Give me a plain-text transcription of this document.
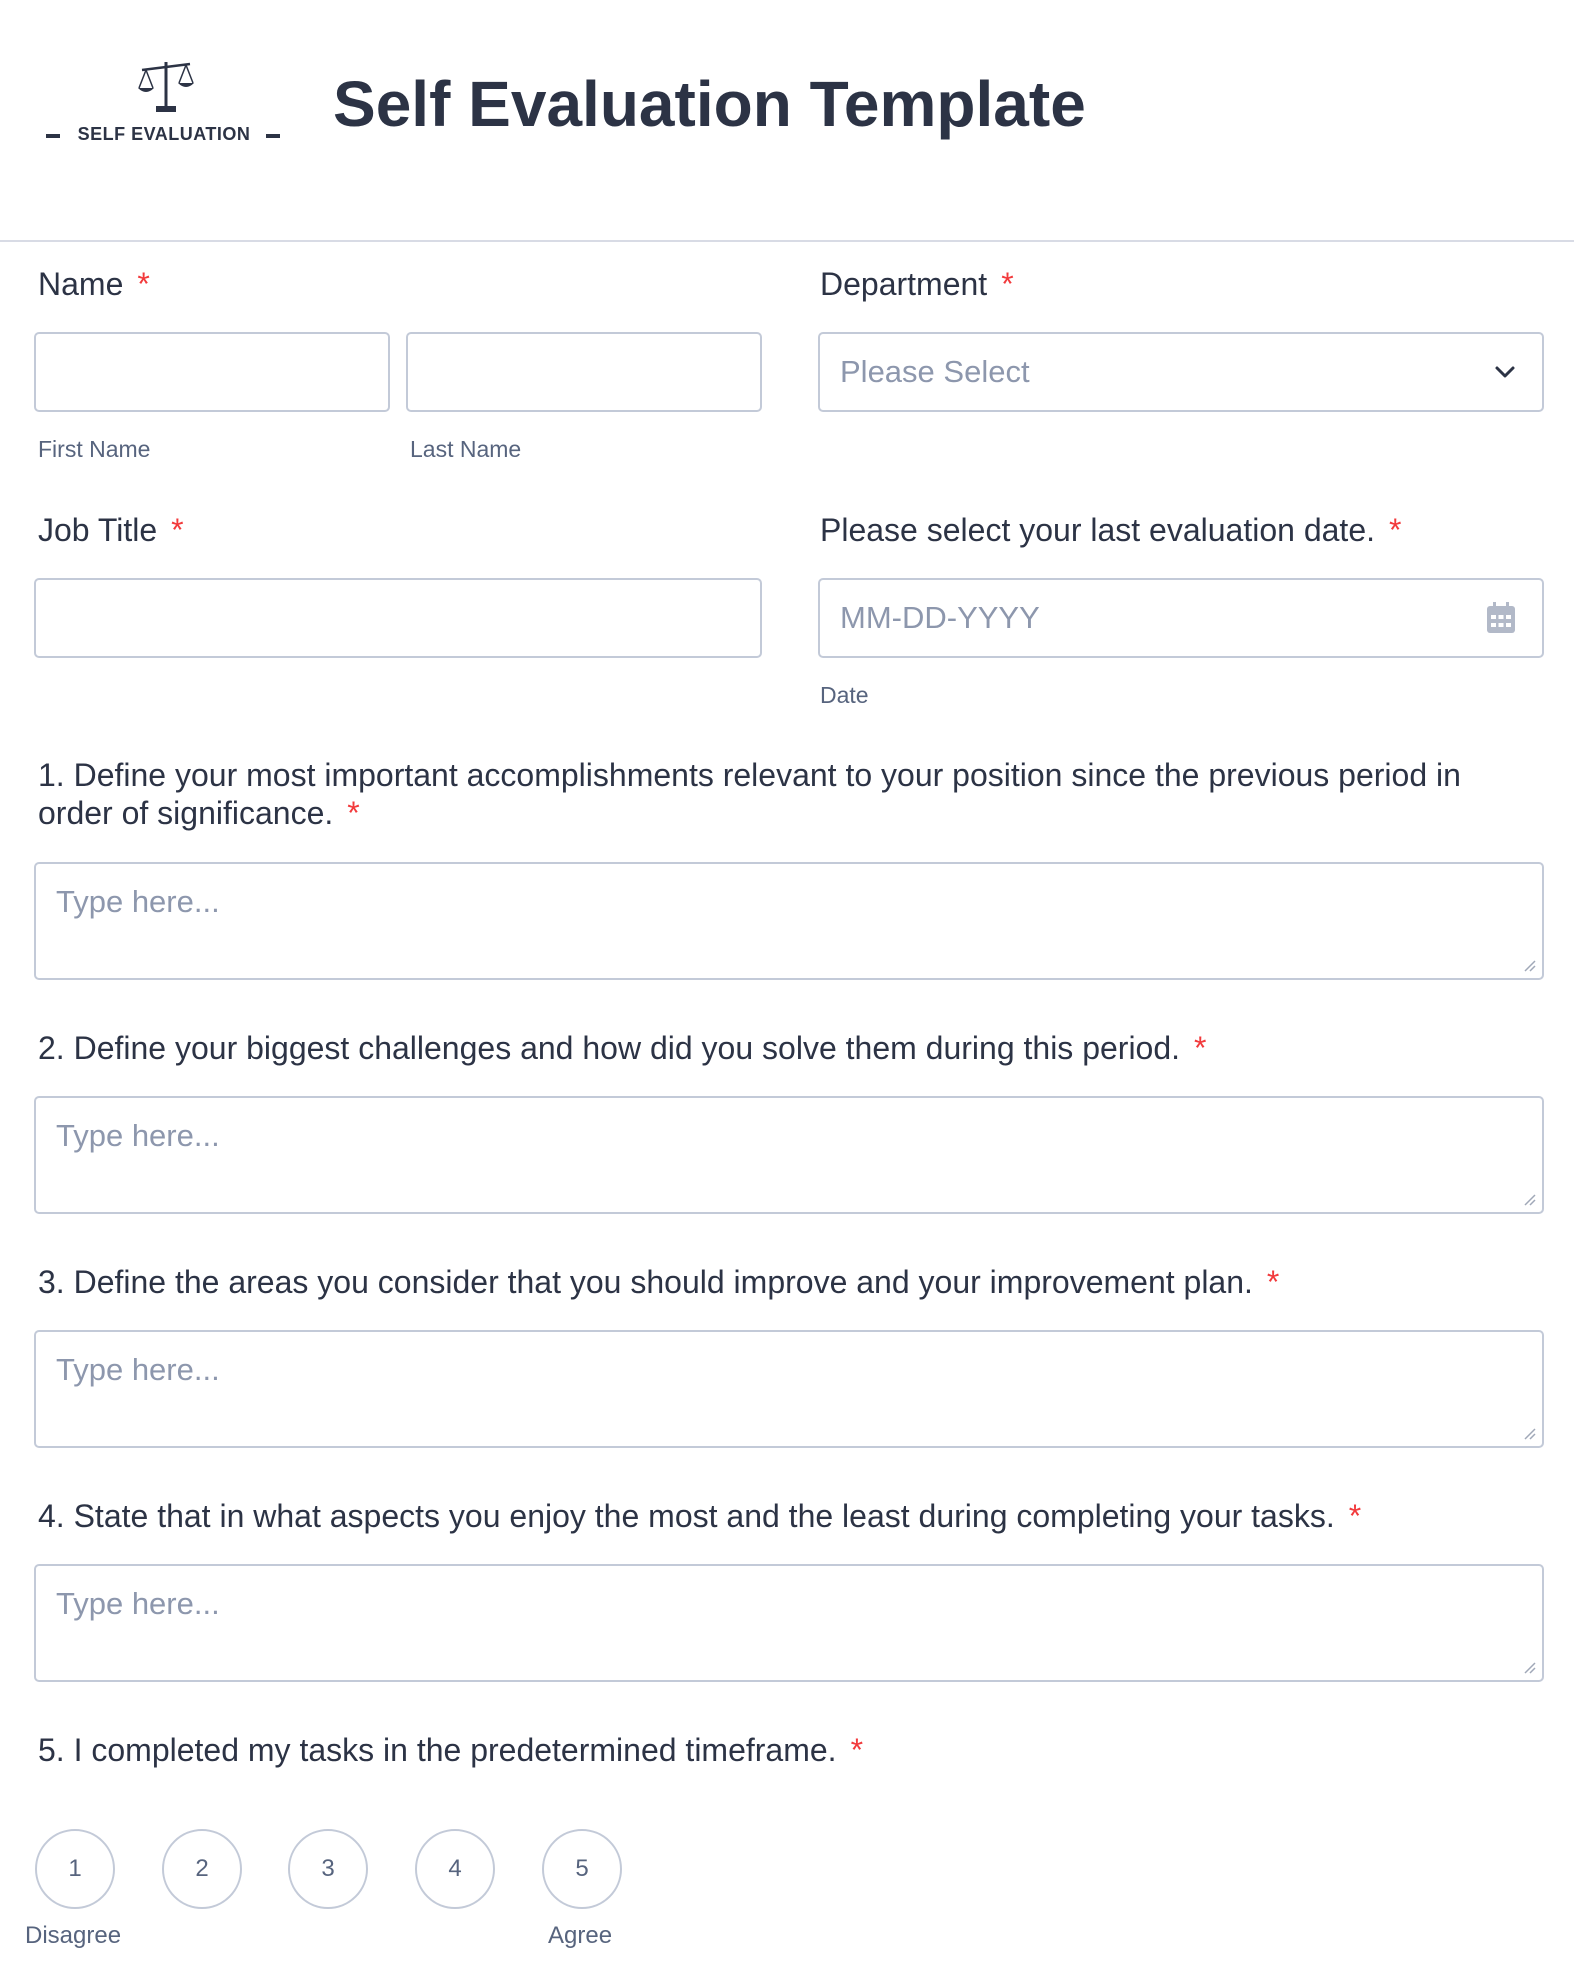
SELF EVALUATION	Self Evaluation Template
Name *
First Name	Last Name
Department *
Please Select
Job Title *	Please select your last evaluation date. *
MM-DD-YYYY
Date
1. Define your most important accomplishments relevant to your position since the previous period in order of significance. *
Type here...
2. Define your biggest challenges and how did you solve them during this period. *
Type here...
3. Define the areas you consider that you should improve and your improvement plan. *
Type here...
4. State that in what aspects you enjoy the most and the least during completing your tasks. *
Type here...
5. I completed my tasks in the predetermined timeframe. *
1	2	3	4	5
Disagree	Agree
